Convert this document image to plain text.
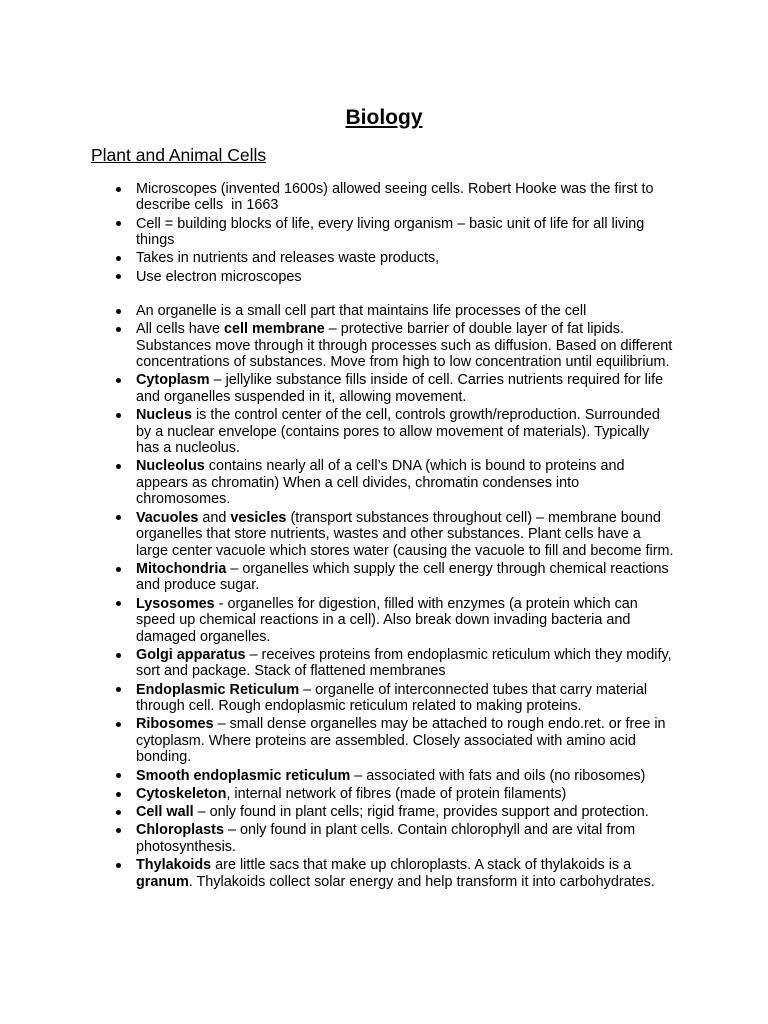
Biology
Plant and Animal Cells
Microscopes (invented 1600s) allowed seeing cells. Robert Hooke was the first to
describe cells  in 1663
Cell = building blocks of life, every living organism – basic unit of life for all living
things
Takes in nutrients and releases waste products,
Use electron microscopes
An organelle is a small cell part that maintains life processes of the cell
All cells have cell membrane – protective barrier of double layer of fat lipids.
Substances move through it through processes such as diffusion. Based on different
concentrations of substances. Move from high to low concentration until equilibrium.
Cytoplasm – jellylike substance fills inside of cell. Carries nutrients required for life
and organelles suspended in it, allowing movement.
Nucleus is the control center of the cell, controls growth/reproduction. Surrounded
by a nuclear envelope (contains pores to allow movement of materials). Typically
has a nucleolus.
Nucleolus contains nearly all of a cell’s DNA (which is bound to proteins and
appears as chromatin) When a cell divides, chromatin condenses into
chromosomes.
Vacuoles and vesicles (transport substances throughout cell) – membrane bound
organelles that store nutrients, wastes and other substances. Plant cells have a
large center vacuole which stores water (causing the vacuole to fill and become firm.
Mitochondria – organelles which supply the cell energy through chemical reactions
and produce sugar.
Lysosomes - organelles for digestion, filled with enzymes (a protein which can
speed up chemical reactions in a cell). Also break down invading bacteria and
damaged organelles.
Golgi apparatus – receives proteins from endoplasmic reticulum which they modify,
sort and package. Stack of flattened membranes
Endoplasmic Reticulum – organelle of interconnected tubes that carry material
through cell. Rough endoplasmic reticulum related to making proteins.
Ribosomes – small dense organelles may be attached to rough endo.ret. or free in
cytoplasm. Where proteins are assembled. Closely associated with amino acid
bonding.
Smooth endoplasmic reticulum – associated with fats and oils (no ribosomes)
Cytoskeleton, internal network of fibres (made of protein filaments)
Cell wall – only found in plant cells; rigid frame, provides support and protection.
Chloroplasts – only found in plant cells. Contain chlorophyll and are vital from
photosynthesis.
Thylakoids are little sacs that make up chloroplasts. A stack of thylakoids is a
granum. Thylakoids collect solar energy and help transform it into carbohydrates.
